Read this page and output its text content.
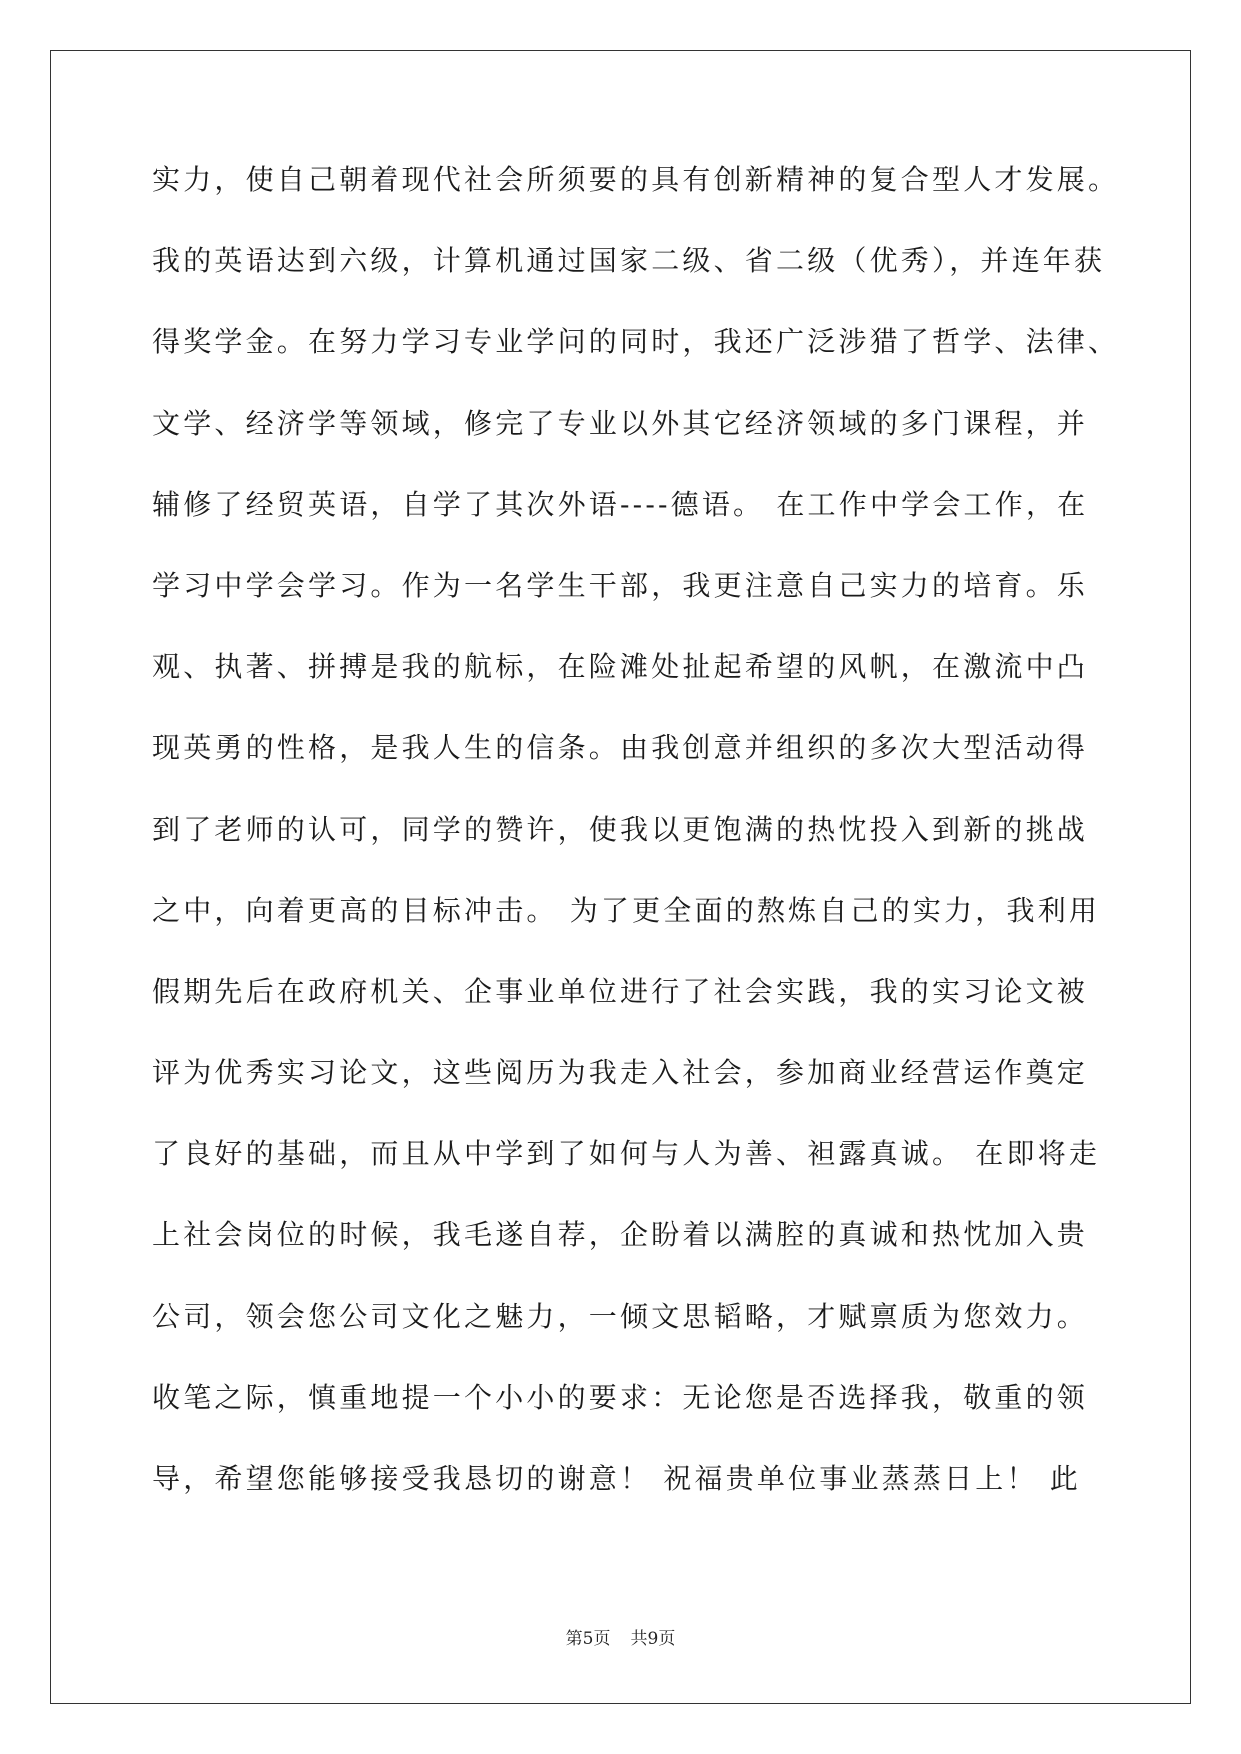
实力，使自己朝着现代社会所须要的具有创新精神的复合型人才发展。
我的英语达到六级，计算机通过国家二级、省二级（优秀），并连年获
得奖学金。在努力学习专业学问的同时，我还广泛涉猎了哲学、法律、
文学、经济学等领域，修完了专业以外其它经济领域的多门课程，并
辅修了经贸英语，自学了其次外语----德语。 在工作中学会工作，在
学习中学会学习。作为一名学生干部，我更注意自己实力的培育。乐
观、执著、拼搏是我的航标，在险滩处扯起希望的风帆，在激流中凸
现英勇的性格，是我人生的信条。由我创意并组织的多次大型活动得
到了老师的认可，同学的赞许，使我以更饱满的热忱投入到新的挑战
之中，向着更高的目标冲击。 为了更全面的熬炼自己的实力，我利用
假期先后在政府机关、企事业单位进行了社会实践，我的实习论文被
评为优秀实习论文，这些阅历为我走入社会，参加商业经营运作奠定
了良好的基础，而且从中学到了如何与人为善、袒露真诚。 在即将走
上社会岗位的时候，我毛遂自荐，企盼着以满腔的真诚和热忱加入贵
公司，领会您公司文化之魅力，一倾文思韬略，才赋禀质为您效力。
收笔之际，慎重地提一个小小的要求：无论您是否选择我，敬重的领
导，希望您能够接受我恳切的谢意！ 祝福贵单位事业蒸蒸日上！ 此
第5页 共9页
